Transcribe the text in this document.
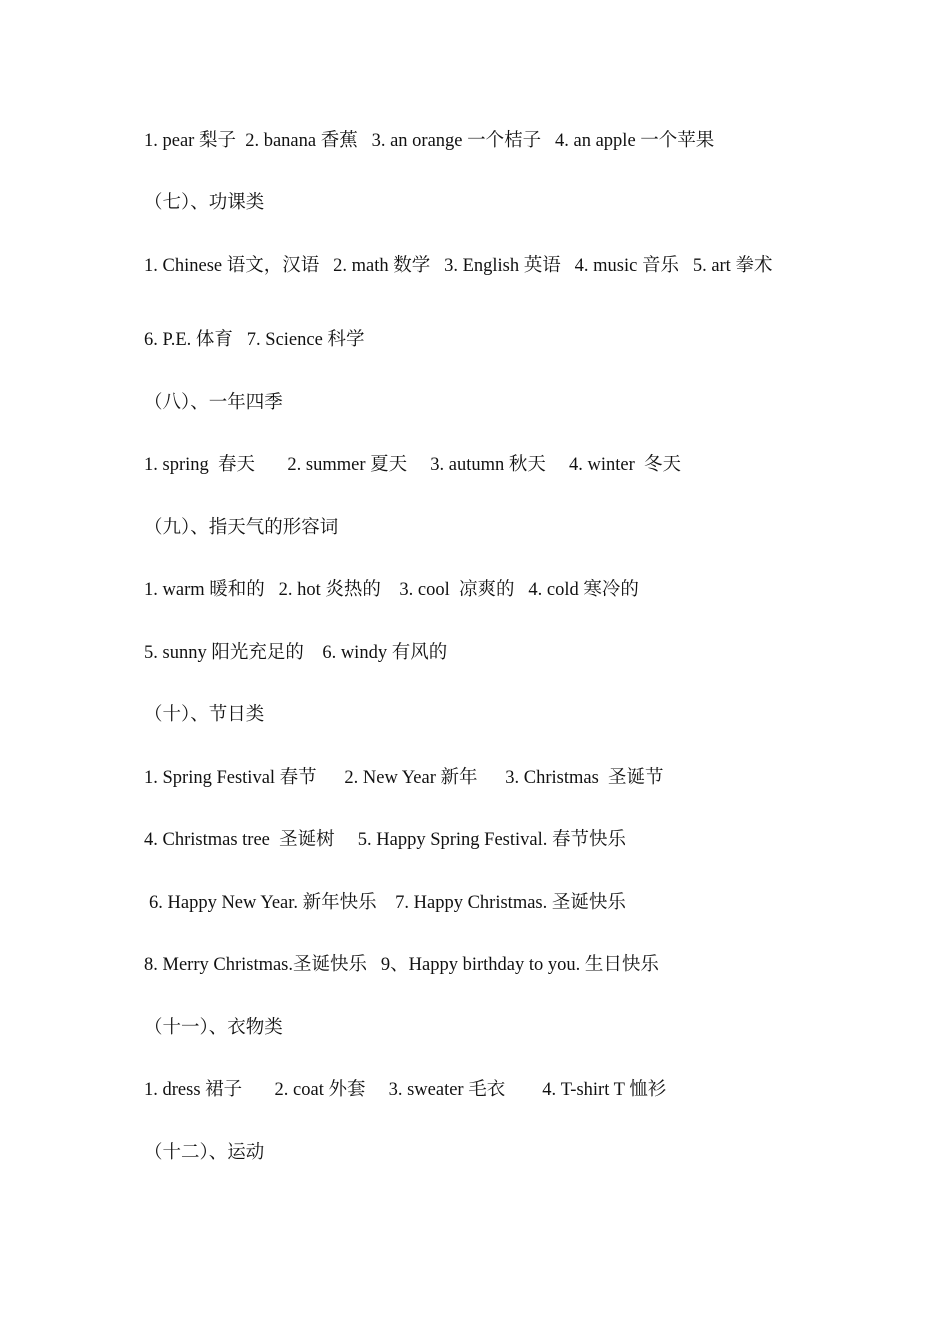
1. pear 梨子  2. banana 香蕉   3. an orange 一个桔子   4. an apple 一个苹果
（七）、功课类
1. Chinese 语文，汉语   2. math 数学   3. English 英语   4. music 音乐   5. art 拳术
6. P.E. 体育   7. Science 科学
（八）、一年四季
1. spring  春天       2. summer 夏天     3. autumn 秋天     4. winter  冬天
（九）、指天气的形容词
1. warm 暖和的   2. hot 炎热的    3. cool  凉爽的   4. cold 寒冷的
5. sunny 阳光充足的    6. windy 有风的
（十）、节日类
1. Spring Festival 春节      2. New Year 新年      3. Christmas  圣诞节
4. Christmas tree  圣诞树     5. Happy Spring Festival. 春节快乐
6. Happy New Year. 新年快乐    7. Happy Christmas. 圣诞快乐
8. Merry Christmas.圣诞快乐   9、Happy birthday to you. 生日快乐
（十一）、衣物类
1. dress 裙子       2. coat 外套     3. sweater 毛衣        4. T-shirt T 恤衫
（十二）、运动
